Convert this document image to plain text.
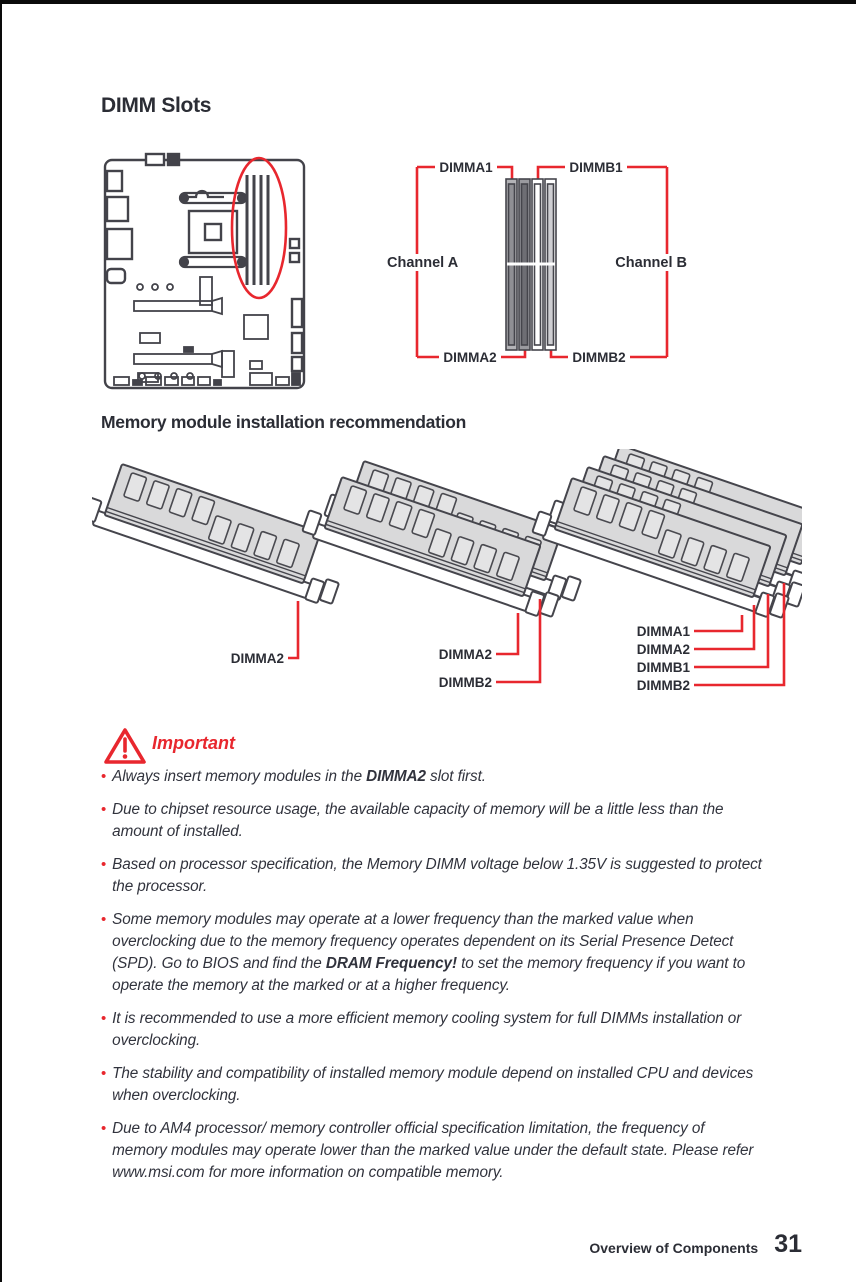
DIMM Slots
DIMMA1	DIMMB1
DIMMA2	DIMMB2
Channel A	Channel B
Memory module installation recommendation
DIMMA2	DIMMA2
DIMMB2
DIMMA1
DIMMA2
DIMMB1
DIMMB2
Important
• Always insert memory modules in the DIMMA2 slot first.
• Due to chipset resource usage, the available capacity of memory will be a little less than the amount of installed.
• Based on processor specification, the Memory DIMM voltage below 1.35V is suggested to protect the processor.
• Some memory modules may operate at a lower frequency than the marked value when overclocking due to the memory frequency operates dependent on its Serial Presence Detect (SPD). Go to BIOS and find the DRAM Frequency! to set the memory frequency if you want to operate the memory at the marked or at a higher frequency.
• It is recommended to use a more efficient memory cooling system for full DIMMs installation or overclocking.
• The stability and compatibility of installed memory module depend on installed CPU and devices when overclocking.
• Due to AM4 processor/ memory controller official specification limitation, the frequency of memory modules may operate lower than the marked value under the default state. Please refer www.msi.com for more information on compatible memory.
Overview of Components 31
